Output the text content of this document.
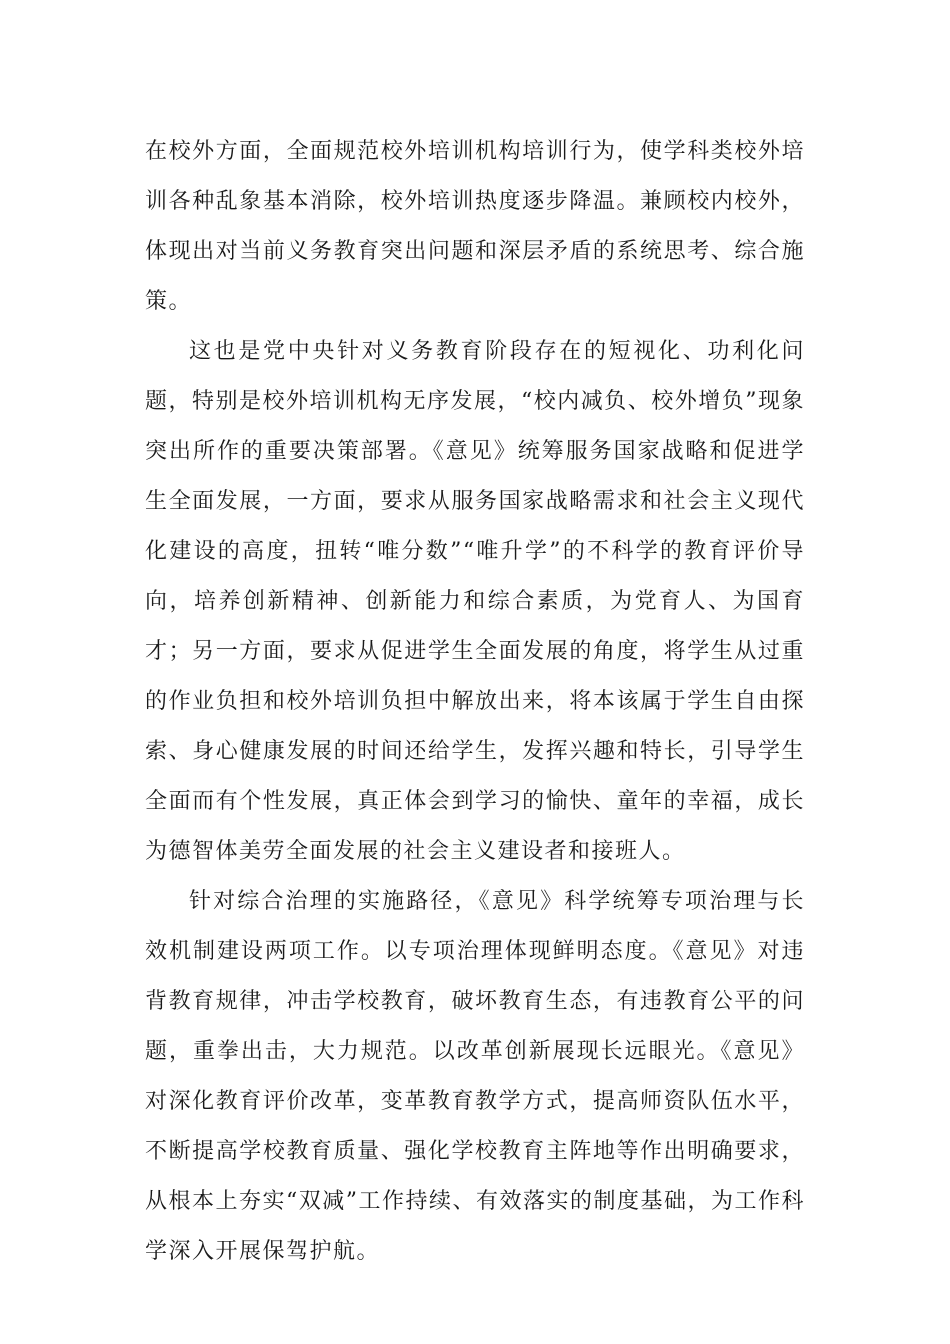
在校外方面，全面规范校外培训机构培训行为，使学科类校外培训各种乱象基本消除，校外培训热度逐步降温。兼顾校内校外，体现出对当前义务教育突出问题和深层矛盾的系统思考、综合施策。

这也是党中央针对义务教育阶段存在的短视化、功利化问题，特别是校外培训机构无序发展，“校内减负、校外增负”现象突出所作的重要决策部署。《意见》统筹服务国家战略和促进学生全面发展，一方面，要求从服务国家战略需求和社会主义现代化建设的高度，扭转“唯分数”“唯升学”的不科学的教育评价导向，培养创新精神、创新能力和综合素质，为党育人、为国育才；另一方面，要求从促进学生全面发展的角度，将学生从过重的作业负担和校外培训负担中解放出来，将本该属于学生自由探索、身心健康发展的时间还给学生，发挥兴趣和特长，引导学生全面而有个性发展，真正体会到学习的愉快、童年的幸福，成长为德智体美劳全面发展的社会主义建设者和接班人。

针对综合治理的实施路径，《意见》科学统筹专项治理与长效机制建设两项工作。以专项治理体现鲜明态度。《意见》对违背教育规律，冲击学校教育，破坏教育生态，有违教育公平的问题，重拳出击，大力规范。以改革创新展现长远眼光。《意见》对深化教育评价改革，变革教育教学方式，提高师资队伍水平，不断提高学校教育质量、强化学校教育主阵地等作出明确要求，从根本上夯实“双减”工作持续、有效落实的制度基础，为工作科学深入开展保驾护航。
